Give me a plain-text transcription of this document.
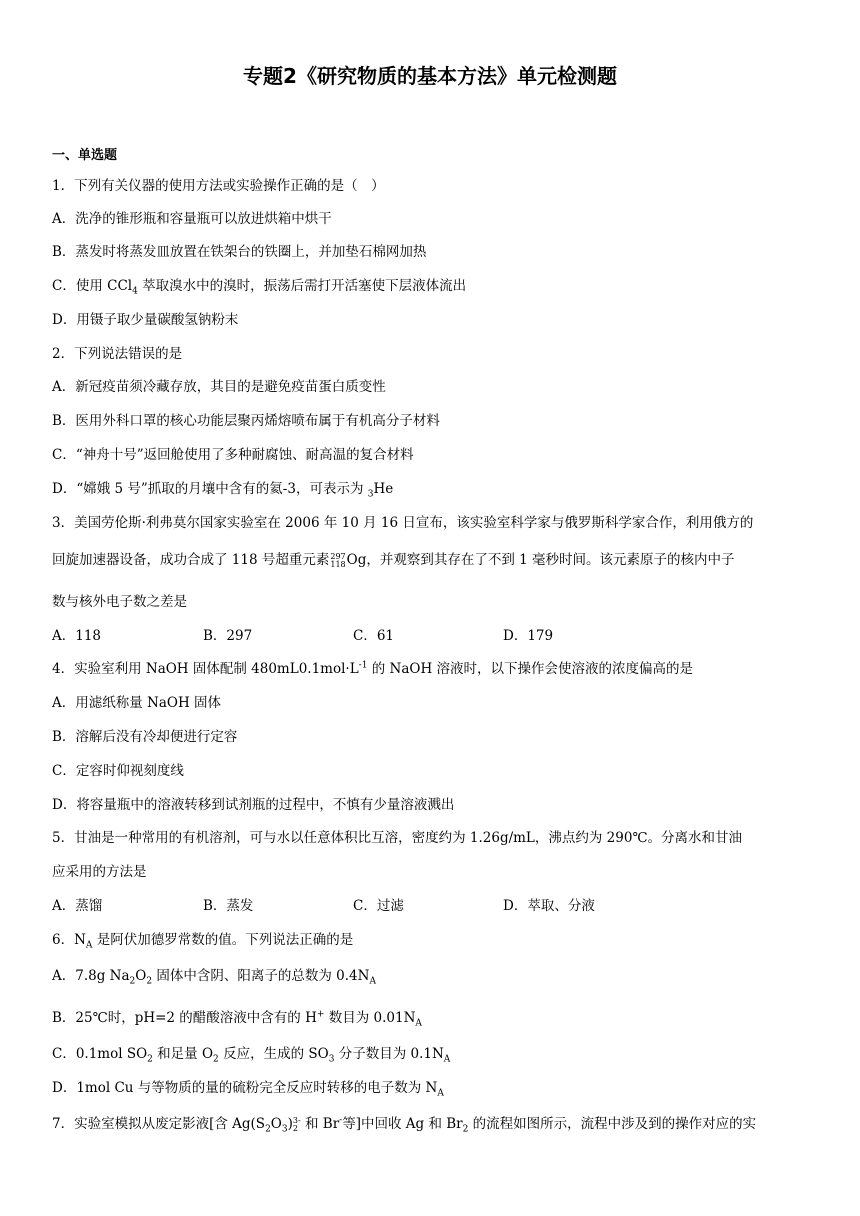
专题2《研究物质的基本方法》单元检测题
一、单选题
1．下列有关仪器的使用方法或实验操作正确的是（　）
A．洗净的锥形瓶和容量瓶可以放进烘箱中烘干
B．蒸发时将蒸发皿放置在铁架台的铁圈上，并加垫石棉网加热
C．使用 CCl$_4$ 萃取溴水中的溴时，振荡后需打开活塞使下层液体流出
D．用镊子取少量碳酸氢钠粉末
2．下列说法错误的是
A．新冠疫苗须冷藏存放，其目的是避免疫苗蛋白质变性
B．医用外科口罩的核心功能层聚丙烯熔喷布属于有机高分子材料
C．“神舟十号”返回舱使用了多种耐腐蚀、耐高温的复合材料
D．“嫦娥 5 号”抓取的月壤中含有的氦-3，可表示为 $_3$He
3．美国劳伦斯·利弗莫尔国家实验室在 2006 年 10 月 16 日宣布，该实验室科学家与俄罗斯科学家合作，利用俄方的
回旋加速器设备，成功合成了 118 号超重元素 297
118 Og，并观察到其存在了不到 1 毫秒时间。该元素原子的核内中子
数与核外电子数之差是
A．118	B．297	C．61	D．179
4．实验室利用 NaOH 固体配制 $480mL0.1mol\cdot L^{-1}$ 的 NaOH 溶液时，以下操作会使溶液的浓度偏高的是
A．用滤纸称量 NaOH 固体
B．溶解后没有冷却便进行定容
C．定容时仰视刻度线
D．将容量瓶中的溶液转移到试剂瓶的过程中，不慎有少量溶液溅出
5．甘油是一种常用的有机溶剂，可与水以任意体积比互溶，密度约为 1.26g/mL，沸点约为 290℃。分离水和甘油
应采用的方法是
A．蒸馏	B．蒸发	C．过滤	D．萃取、分液
6．$N_A$ 是阿伏加德罗常数的值。下列说法正确的是
A．7.8g $Na_2O_2$ 固体中含阴、阳离子的总数为 $0.4N_A$
B．25℃时，pH=2 的醋酸溶液中含有的 H+ 数目为 $0.01N_A$
C．0.1mol $SO_2$ 和足量 $O_2$ 反应，生成的 $SO_3$ 分子数目为 $0.1N_A$
D．1mol Cu 与等物质的量的硫粉完全反应时转移的电子数为 $N_A$
7．实验室模拟从废定影液[含 $Ag(S_2O_3)$ 3-
2 和 Br-等]中回收 Ag 和 $Br_2$ 的流程如图所示，流程中涉及到的操作对应的实
